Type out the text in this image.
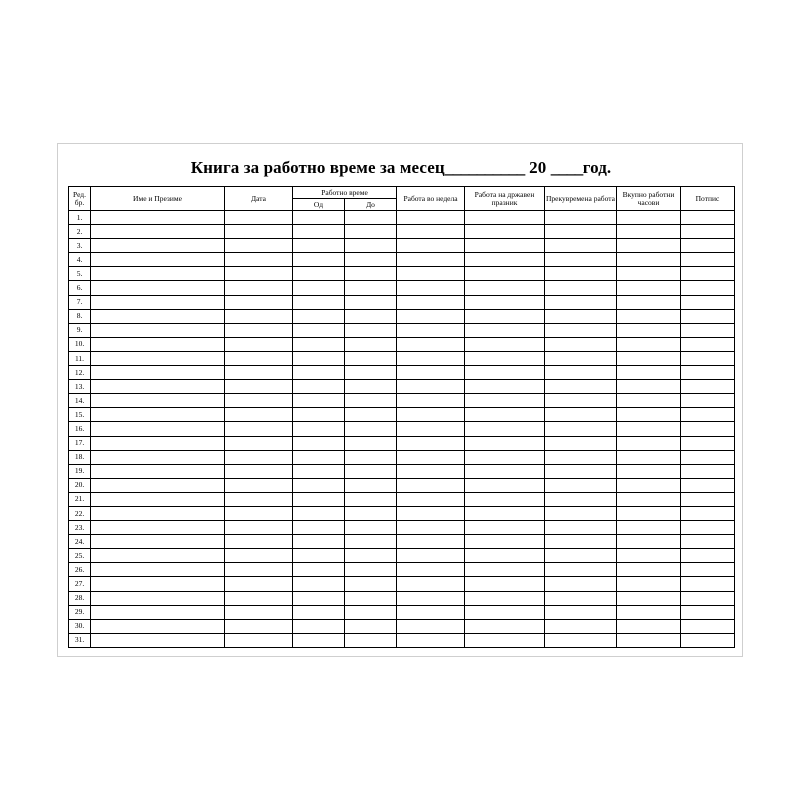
Книга за работно време за месец__________ 20 ____год.
Ред.
бр.	Име и Презиме	Дата	Работно време		Работа во недела	Работа на државен празник	Прекувремена работа	Вкупно работни часови	Потпис
			Од	До					
1.									
2.									
3.									
4.									
5.									
6.									
7.									
8.									
9.									
10.									
11.									
12.									
13.									
14.									
15.									
16.									
17.									
18.									
19.									
20.									
21.									
22.									
23.									
24.									
25.									
26.									
27.									
28.									
29.									
30.									
31.									
